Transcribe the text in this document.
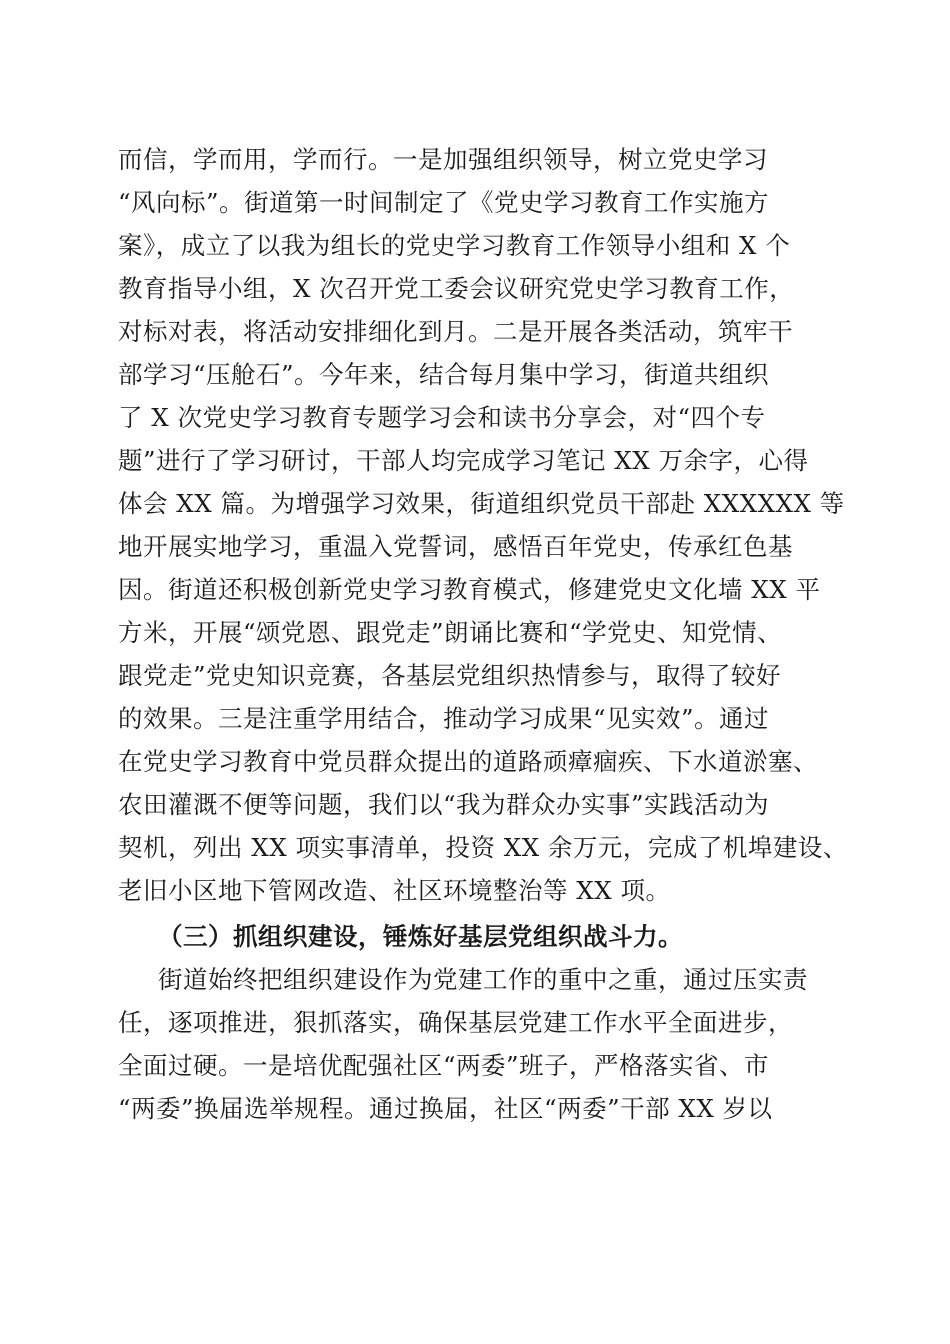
而信，学而用，学而行。一是加强组织领导，树立党史学习
“风向标”。街道第一时间制定了《党史学习教育工作实施方
案》，成立了以我为组长的党史学习教育工作领导小组和 X 个
教育指导小组，X 次召开党工委会议研究党史学习教育工作，
对标对表，将活动安排细化到月。二是开展各类活动，筑牢干
部学习“压舱石”。今年来，结合每月集中学习，街道共组织
了 X 次党史学习教育专题学习会和读书分享会，对“四个专
题”进行了学习研讨，干部人均完成学习笔记 XX 万余字，心得
体会 XX 篇。为增强学习效果，街道组织党员干部赴 XXXXXX 等
地开展实地学习，重温入党誓词，感悟百年党史，传承红色基
因。街道还积极创新党史学习教育模式，修建党史文化墙 XX 平
方米，开展“颂党恩、跟党走”朗诵比赛和“学党史、知党情、
跟党走”党史知识竞赛，各基层党组织热情参与，取得了较好
的效果。三是注重学用结合，推动学习成果“见实效”。通过
在党史学习教育中党员群众提出的道路顽瘴痼疾、下水道淤塞、
农田灌溉不便等问题，我们以“我为群众办实事”实践活动为
契机，列出 XX 项实事清单，投资 XX 余万元，完成了机埠建设、
老旧小区地下管网改造、社区环境整治等 XX 项。
（三）抓组织建设，锤炼好基层党组织战斗力。
街道始终把组织建设作为党建工作的重中之重，通过压实责
任，逐项推进，狠抓落实，确保基层党建工作水平全面进步，
全面过硬。一是培优配强社区“两委”班子，严格落实省、市
“两委”换届选举规程。通过换届，社区“两委”干部 XX 岁以
